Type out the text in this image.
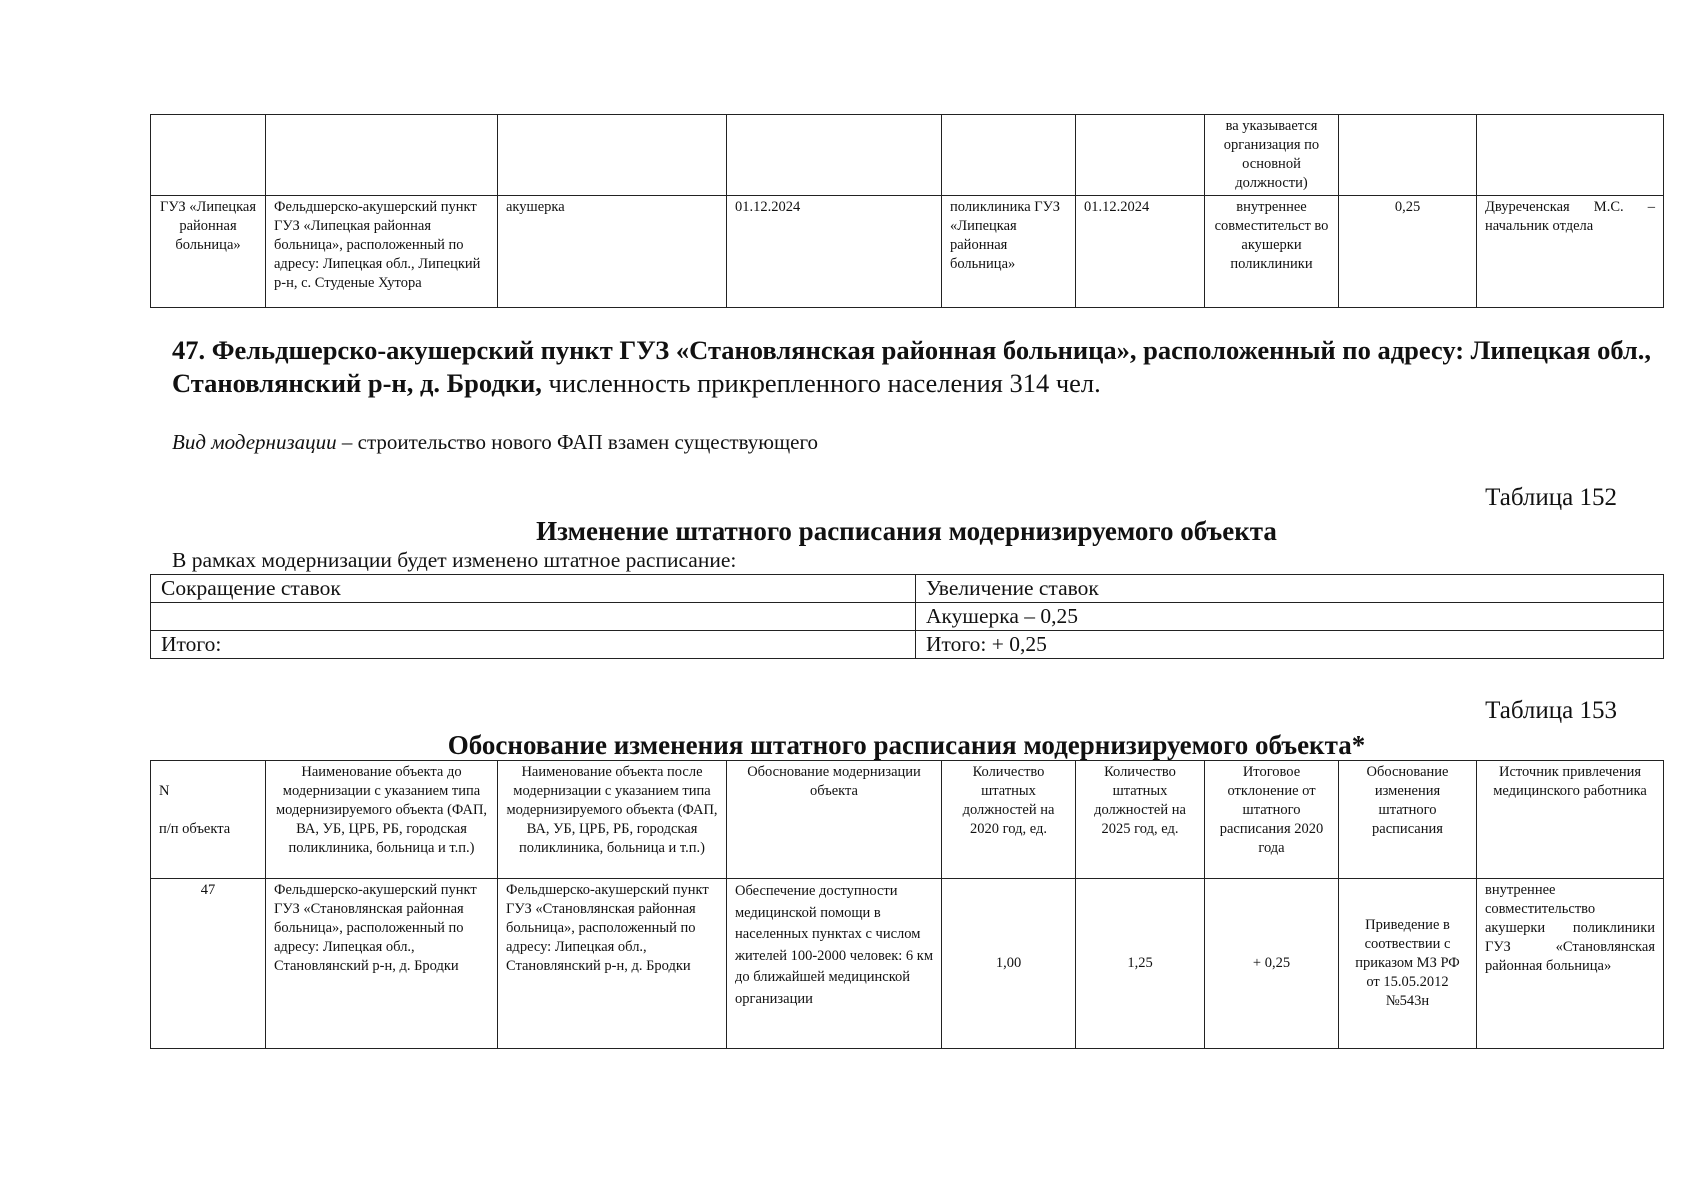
						ва указывается организация по основной должности)		
ГУЗ «Липецкая районная больница»	Фельдшерско-акушерский пункт ГУЗ «Липецкая районная больница», расположенный по адресу: Липецкая обл., Липецкий р-н, с. Студеные Хутора	акушерка	01.12.2024	поликлиника ГУЗ «Липецкая районная больница»	01.12.2024	внутреннее совместительст во акушерки поликлиники	0,25	Двуреченская М.С. – начальник отдела
47. Фельдшерско-акушерский пункт ГУЗ «Становлянская районная больница», расположенный по адресу: Липецкая обл., Становлянский р-н, д. Бродки, численность прикрепленного населения 314 чел.
Вид модернизации – строительство нового ФАП взамен существующего
Таблица 152
Изменение штатного расписания модернизируемого объекта
В рамках модернизации будет изменено штатное расписание:
Сокращение ставок	Увеличение ставок
	Акушерка – 0,25
Итого:	Итого: + 0,25
Таблица 153
Обоснование изменения штатного расписания модернизируемого объекта*
N
п/п объекта	Наименование объекта до модернизации с указанием типа модернизируемого объекта (ФАП, ВА, УБ, ЦРБ, РБ, городская поликлиника, больница и т.п.)	Наименование объекта после модернизации с указанием типа модернизируемого объекта (ФАП, ВА, УБ, ЦРБ, РБ, городская поликлиника, больница и т.п.)	Обоснование модернизации объекта	Количество штатных должностей на 2020 год, ед.	Количество штатных должностей на 2025 год, ед.	Итоговое отклонение от штатного расписания 2020 года	Обоснование изменения штатного расписания	Источник привлечения медицинского работника
47	Фельдшерско-акушерский пункт ГУЗ «Становлянская районная больница», расположенный по адресу: Липецкая обл., Становлянский р-н, д. Бродки	Фельдшерско-акушерский пункт ГУЗ «Становлянская районная больница», расположенный по адресу: Липецкая обл., Становлянский р-н, д. Бродки	Обеспечение доступности медицинской помощи в населенных пунктах с числом жителей 100-2000 человек: 6 км до ближайшей медицинской организации	1,00	1,25	+ 0,25	Приведение в соотвествии с приказом МЗ РФ от 15.05.2012 №543н	внутреннее совместительство акушерки поликлиники ГУЗ «Становлянская районная больница»
